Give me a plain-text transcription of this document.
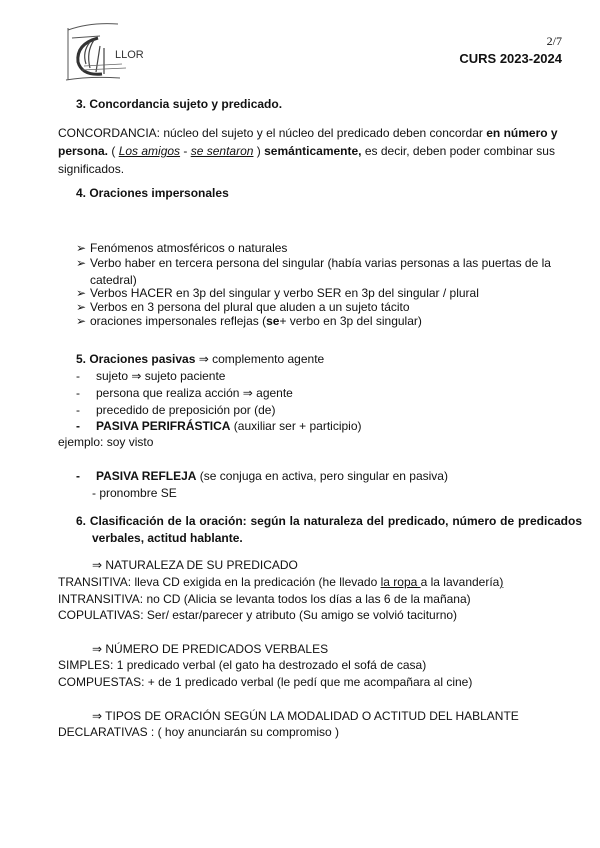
LLOR
2/7
CURS 2023-2024
3. Concordancia sujeto y predicado.
CONCORDANCIA: núcleo del sujeto y el núcleo del predicado deben concordar en número y persona. ( Los amigos - se sentaron ) semánticamente, es decir, deben poder combinar sus significados.
4. Oraciones impersonales
➢ Fenómenos atmosféricos o naturales
➢ Verbo haber en tercera persona del singular (había varias personas a las puertas de la catedral)
➢ Verbos HACER en 3p del singular y verbo SER en 3p del singular / plural
➢ Verbos en 3 persona del plural que aluden a un sujeto tácito
➢ oraciones impersonales reflejas (se+ verbo en 3p del singular)
5. Oraciones pasivas ⇒ complemento agente
- sujeto ⇒ sujeto paciente
- persona que realiza acción ⇒ agente
- precedido de preposición por (de)
- PASIVA PERIFRÁSTICA (auxiliar ser + participio)
ejemplo: soy visto
- PASIVA REFLEJA (se conjuga en activa, pero singular en pasiva)
- pronombre SE
6. Clasificación de la oración: según la naturaleza del predicado, número de predicados verbales, actitud hablante.
⇒ NATURALEZA DE SU PREDICADO
TRANSITIVA: lleva CD exigida en la predicación (he llevado la ropa a la lavandería)
INTRANSITIVA: no CD (Alicia se levanta todos los días a las 6 de la mañana)
COPULATIVAS: Ser/ estar/parecer y atributo (Su amigo se volvió taciturno)
⇒ NÚMERO DE PREDICADOS VERBALES
SIMPLES: 1 predicado verbal (el gato ha destrozado el sofá de casa)
COMPUESTAS: + de 1 predicado verbal (le pedí que me acompañara al cine)
⇒ TIPOS DE ORACIÓN SEGÚN LA MODALIDAD O ACTITUD DEL HABLANTE
DECLARATIVAS : ( hoy anunciarán su compromiso )
